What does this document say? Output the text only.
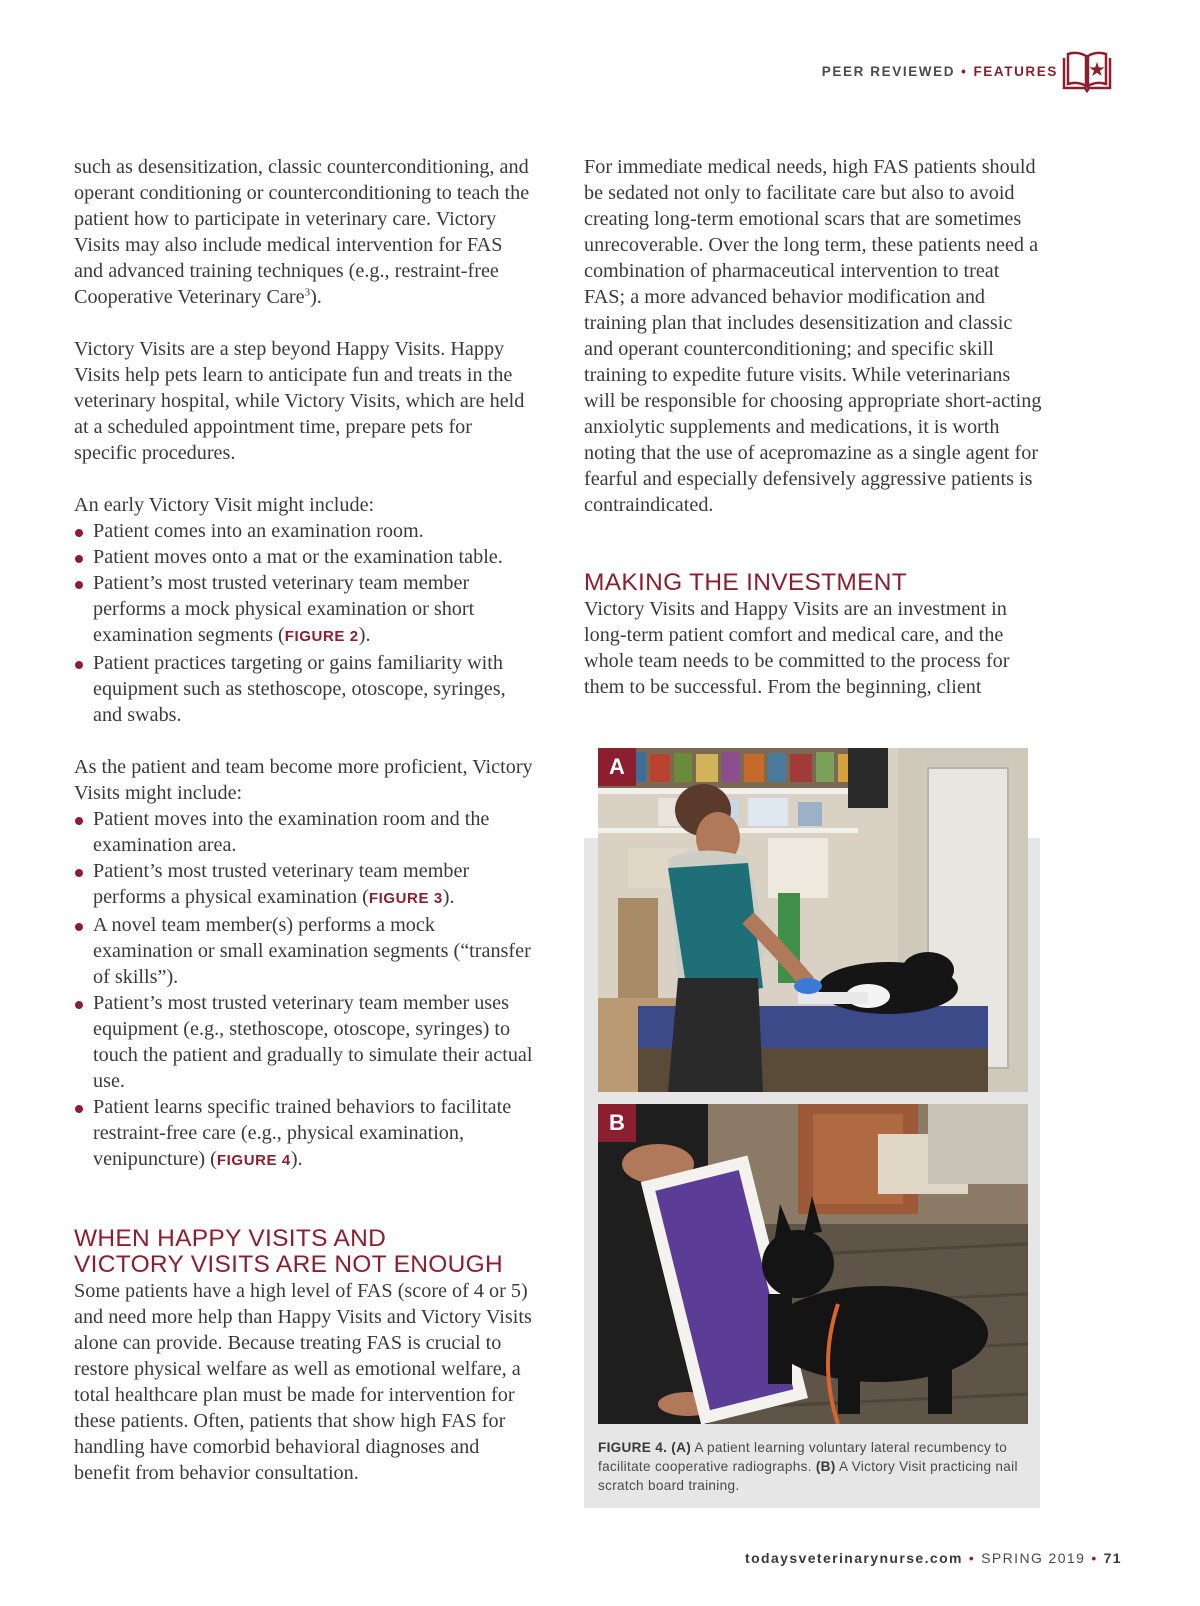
PEER REVIEWED • FEATURES

such as desensitization, classic counterconditioning, and operant conditioning or counterconditioning to teach the patient how to participate in veterinary care. Victory Visits may also include medical intervention for FAS and advanced training techniques (e.g., restraint-free Cooperative Veterinary Care$^3$).

Victory Visits are a step beyond Happy Visits. Happy Visits help pets learn to anticipate fun and treats in the veterinary hospital, while Victory Visits, which are held at a scheduled appointment time, prepare pets for specific procedures.

An early Victory Visit might include:

Patient comes into an examination room.
Patient moves onto a mat or the examination table.
Patient’s most trusted veterinary team member performs a mock physical examination or short examination segments (FIGURE 2).
Patient practices targeting or gains familiarity with equipment such as stethoscope, otoscope, syringes, and swabs.

As the patient and team become more proficient, Victory Visits might include:

Patient moves into the examination room and the examination area.
Patient’s most trusted veterinary team member performs a physical examination (FIGURE 3).
A novel team member(s) performs a mock examination or small examination segments (“transfer of skills”).
Patient’s most trusted veterinary team member uses equipment (e.g., stethoscope, otoscope, syringes) to touch the patient and gradually to simulate their actual use.
Patient learns specific trained behaviors to facilitate restraint-free care (e.g., physical examination, venipuncture) (FIGURE 4).
WHEN HAPPY VISITS AND
VICTORY VISITS ARE NOT ENOUGH

Some patients have a high level of FAS (score of 4 or 5) and need more help than Happy Visits and Victory Visits alone can provide. Because treating FAS is crucial to restore physical welfare as well as emotional welfare, a total healthcare plan must be made for intervention for these patients. Often, patients that show high FAS for handling have comorbid behavioral diagnoses and benefit from behavior consultation.

For immediate medical needs, high FAS patients should be sedated not only to facilitate care but also to avoid creating long-term emotional scars that are sometimes unrecoverable. Over the long term, these patients need a combination of pharmaceutical intervention to treat FAS; a more advanced behavior modification and training plan that includes desensitization and classic and operant counterconditioning; and specific skill training to expedite future visits. While veterinarians will be responsible for choosing appropriate short-acting anxiolytic supplements and medications, it is worth noting that the use of acepromazine as a single agent for fearful and especially defensively aggressive patients is contraindicated.

MAKING THE INVESTMENT

Victory Visits and Happy Visits are an investment in long-term patient comfort and medical care, and the whole team needs to be committed to the process for them to be successful. From the beginning, client

A
B
FIGURE 4. (A) A patient learning voluntary lateral recumbency to facilitate cooperative radiographs. (B) A Victory Visit practicing nail scratch board training.
todaysveterinarynurse.com • SPRING 2019 • 71
